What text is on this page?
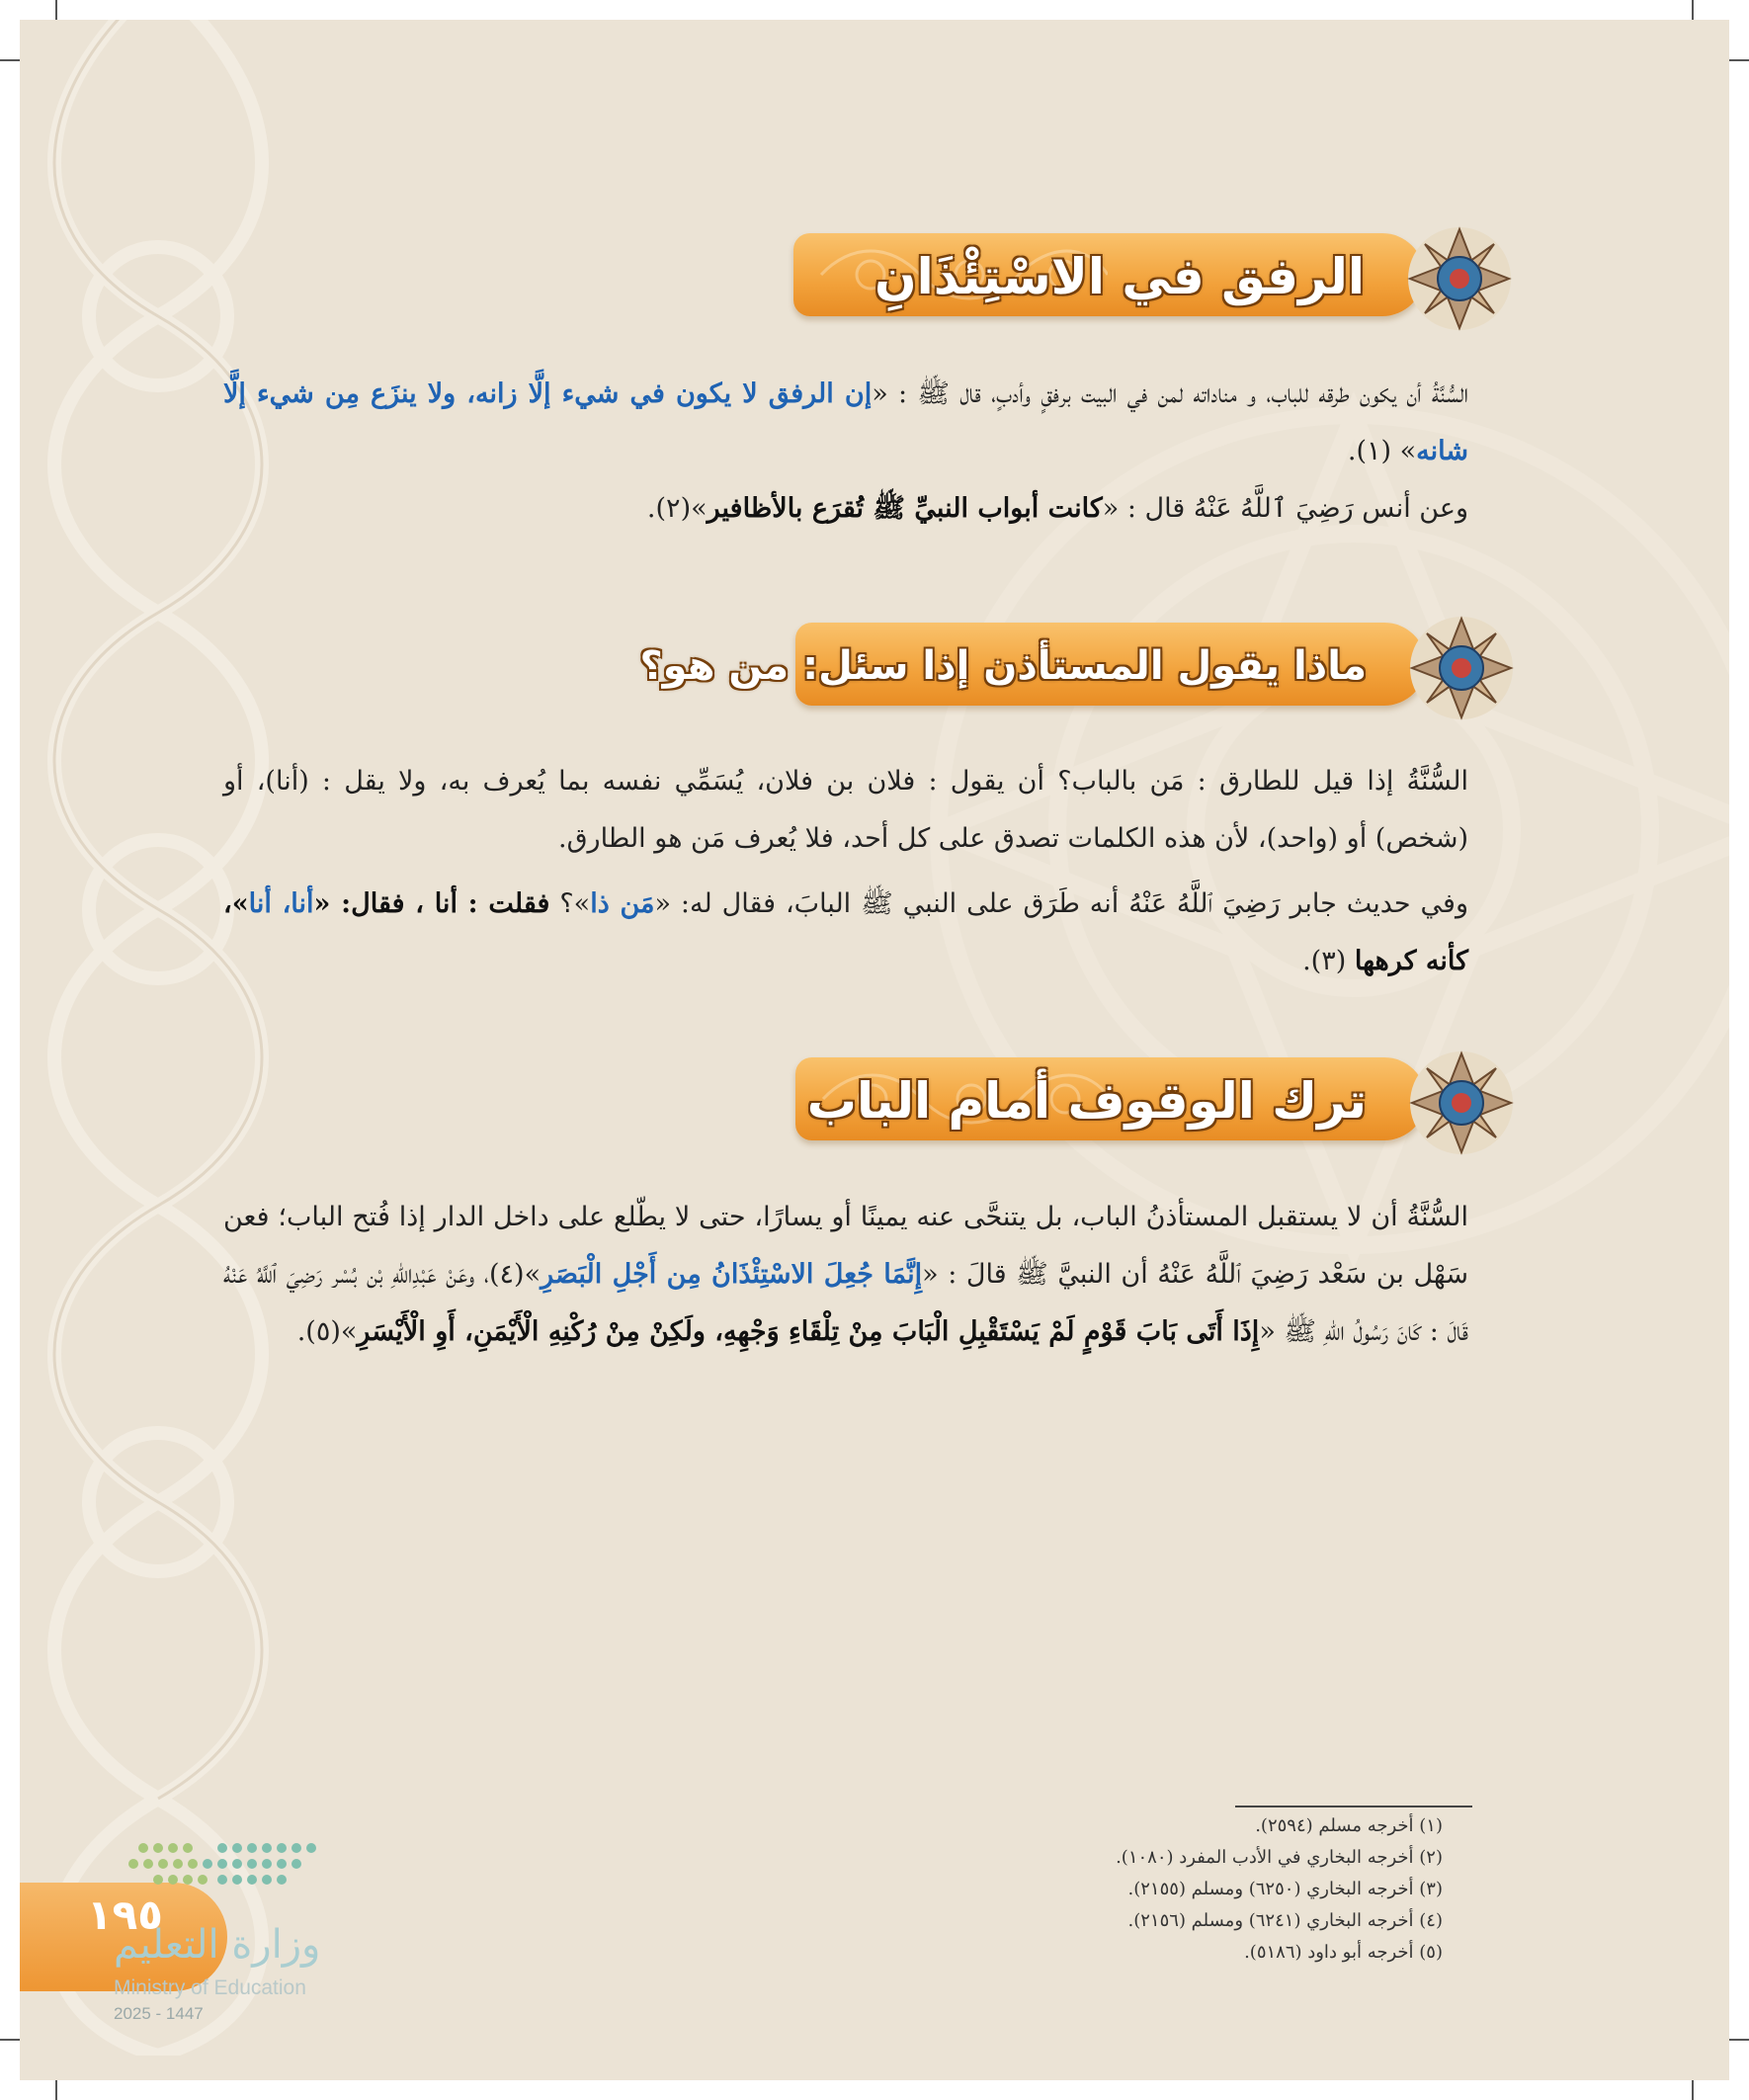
الرفق في الاسْتِئْذَانِ

السُّنَّةُ أن يكون طرقه للباب، و مناداته لمن في البيت برفقٍ وأدبٍ، قال ﷺ : «إن الرفق لا يكون في شيء إلَّا زانه، ولا ينزَع مِن شيء إلَّا شانه» (١).

وعن أنس رَضِيَ ٱللَّهُ عَنْهُ قال : «كانت أبواب النبيِّ ﷺ تُقرَع بالأظافير»(٢).

ماذا يقول المستأذن إذا سئل: من هو؟

السُّنَّةُ إذا قيل للطارق : مَن بالباب؟ أن يقول : فلان بن فلان، يُسَمِّي نفسه بما يُعرف به، ولا يقل : (أنا)، أو (شخص) أو (واحد)، لأن هذه الكلمات تصدق على كل أحد، فلا يُعرف مَن هو الطارق.

وفي حديث جابر رَضِيَ ٱللَّهُ عَنْهُ أنه طَرَق على النبي ﷺ البابَ، فقال له: «مَن ذا»؟ فقلت : أنا ، فقال: «أنا، أنا»، كأنه كرهها (٣).

ترك الوقوف أمام الباب

السُّنَّةُ أن لا يستقبل المستأذنُ الباب، بل يتنحَّى عنه يمينًا أو يسارًا، حتى لا يطّلع على داخل الدار إذا فُتح الباب؛ فعن سَهْل بن سَعْد رَضِيَ ٱللَّهُ عَنْهُ أن النبيَّ ﷺ قالَ : «إِنَّمَا جُعِلَ الاسْتِئْذَانُ مِن أَجْلِ الْبَصَرِ»(٤)، وعَنْ عَبْدِاللهِ بْن بُسْر رَضِيَ ٱللَّهُ عَنْهُ قَالَ : كَانَ رَسُولُ اللهِ ﷺ «إِذَا أَتَى بَابَ قَوْمٍ لَمْ يَسْتَقْبِلِ الْبَابَ مِنْ تِلْقَاءِ وَجْهِهِ، ولَكِنْ مِنْ رُكْنِهِ الْأَيْمَنِ، أَوِ الْأَيْسَرِ»(٥).

(١) أخرجه مسلم (٢٥٩٤).
(٢) أخرجه البخاري في الأدب المفرد (١٠٨٠).
(٣) أخرجه البخاري (٦٢٥٠) ومسلم (٢١٥٥).
(٤) أخرجه البخاري (٦٢٤١) ومسلم (٢١٥٦).
(٥) أخرجه أبو داود (٥١٨٦).
١٩٥
وزارة التعليم
Ministry of Education
2025 - 1447
